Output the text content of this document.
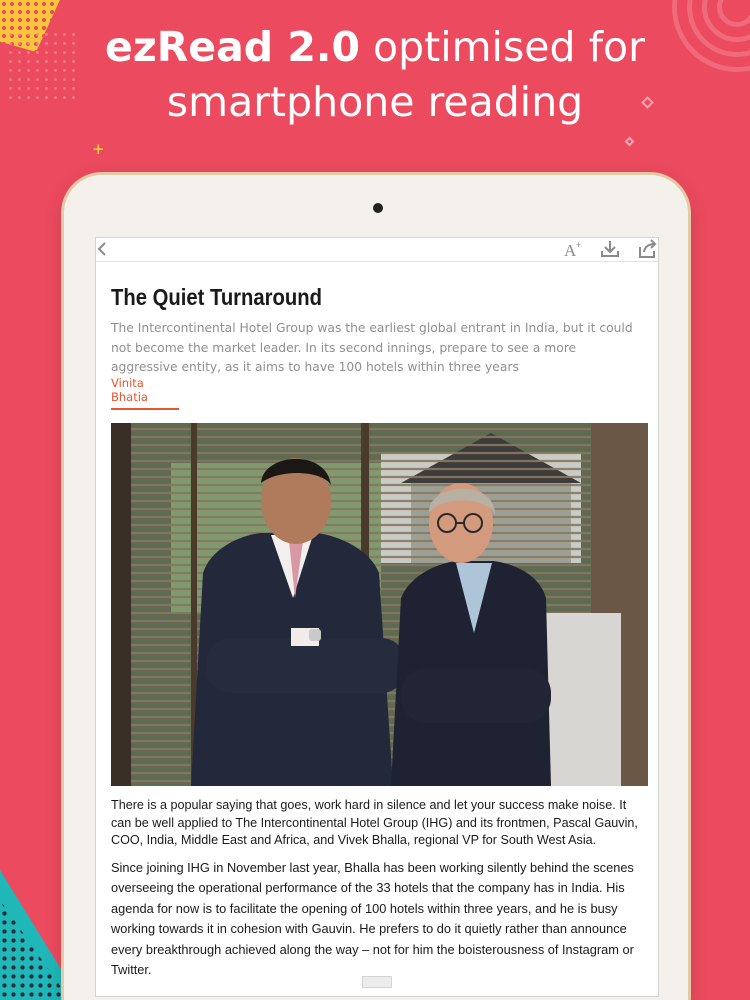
+
ezRead 2.0 optimised for
smartphone reading
A +
The Quiet Turnaround
The Intercontinental Hotel Group was the earliest global entrant in India, but it could not become the market leader. In its second innings, prepare to see a more aggressive entity, as it aims to have 100 hotels within three years
Vinita Bhatia
There is a popular saying that goes, work hard in silence and let your success make noise. It can be well applied to The Intercontinental Hotel Group (IHG) and its frontmen, Pascal Gauvin, COO, India, Middle East and Africa, and Vivek Bhalla, regional VP for South West Asia.
Since joining IHG in November last year, Bhalla has been working silently behind the scenes overseeing the operational performance of the 33 hotels that the company has in India. His agenda for now is to facilitate the opening of 100 hotels within three years, and he is busy working towards it in cohesion with Gauvin. He prefers to do it quietly rather than announce every breakthrough achieved along the way – not for him the boisterousness of Instagram or Twitter.
